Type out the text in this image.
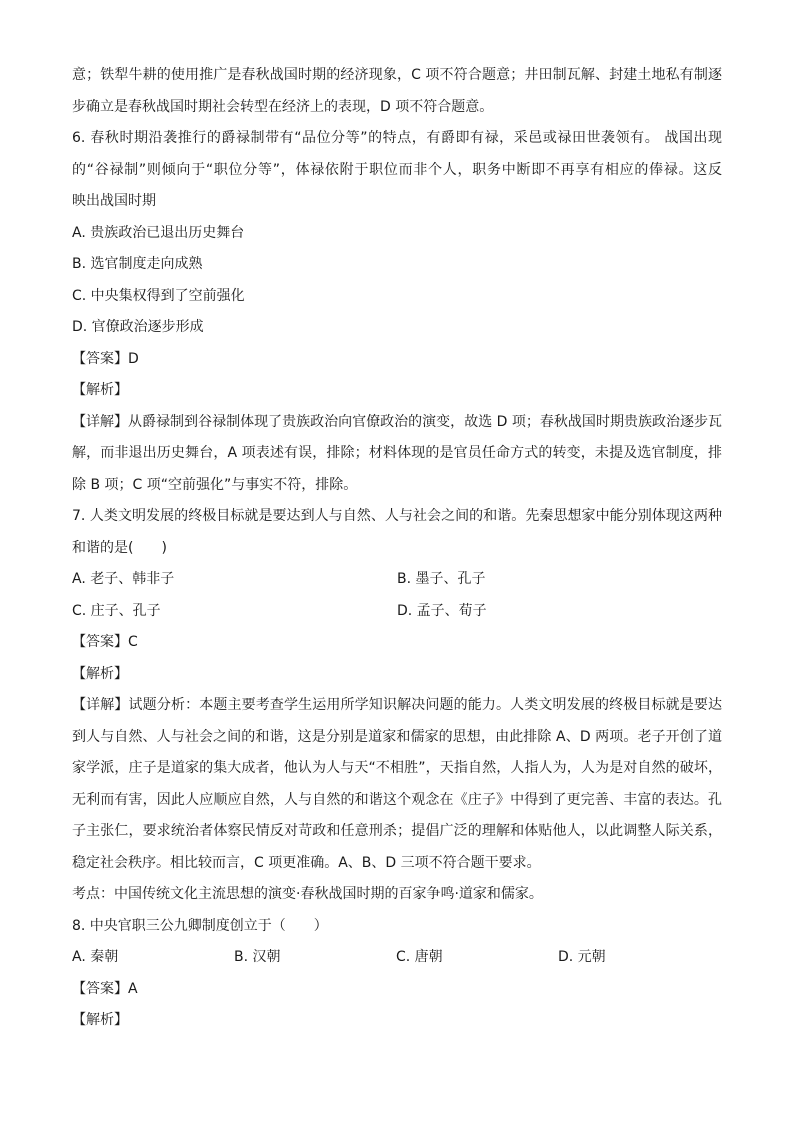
意；铁犁牛耕的使用推广是春秋战国时期的经济现象，C 项不符合题意；井田制瓦解、封建土地私有制逐
步确立是春秋战国时期社会转型在经济上的表现，D 项不符合题意。
6. 春秋时期沿袭推行的爵禄制带有“品位分等”的特点，有爵即有禄，采邑或禄田世袭领有。 战国出现
的“谷禄制”则倾向于“职位分等”，体禄依附于职位而非个人，职务中断即不再享有相应的俸禄。这反
映出战国时期
A. 贵族政治已退出历史舞台
B. 选官制度走向成熟
C. 中央集权得到了空前强化
D. 官僚政治逐步形成
【答案】D
【解析】
【详解】从爵禄制到谷禄制体现了贵族政治向官僚政治的演变，故选 D 项；春秋战国时期贵族政治逐步瓦
解，而非退出历史舞台，A 项表述有误，排除；材料体现的是官员任命方式的转变，未提及选官制度，排
除 B 项；C 项“空前强化”与事实不符，排除。
7. 人类文明发展的终极目标就是要达到人与自然、人与社会之间的和谐。先秦思想家中能分别体现这两种
和谐的是(　　)
A. 老子、韩非子	B. 墨子、孔子
C. 庄子、孔子	D. 孟子、荀子
【答案】C
【解析】
【详解】试题分析：本题主要考查学生运用所学知识解决问题的能力。人类文明发展的终极目标就是要达
到人与自然、人与社会之间的和谐，这是分别是道家和儒家的思想，由此排除 A、D 两项。老子开创了道
家学派，庄子是道家的集大成者，他认为人与天“不相胜”，天指自然，人指人为，人为是对自然的破坏，
无利而有害，因此人应顺应自然，人与自然的和谐这个观念在《庄子》中得到了更完善、丰富的表达。孔
子主张仁，要求统治者体察民情反对苛政和任意刑杀；提倡广泛的理解和体贴他人，以此调整人际关系，
稳定社会秩序。相比较而言，C 项更准确。A、B、D 三项不符合题干要求。
考点：中国传统文化主流思想的演变·春秋战国时期的百家争鸣·道家和儒家。
8. 中央官职三公九卿制度创立于（　　）
A. 秦朝	B. 汉朝	C. 唐朝	D. 元朝
【答案】A
【解析】
